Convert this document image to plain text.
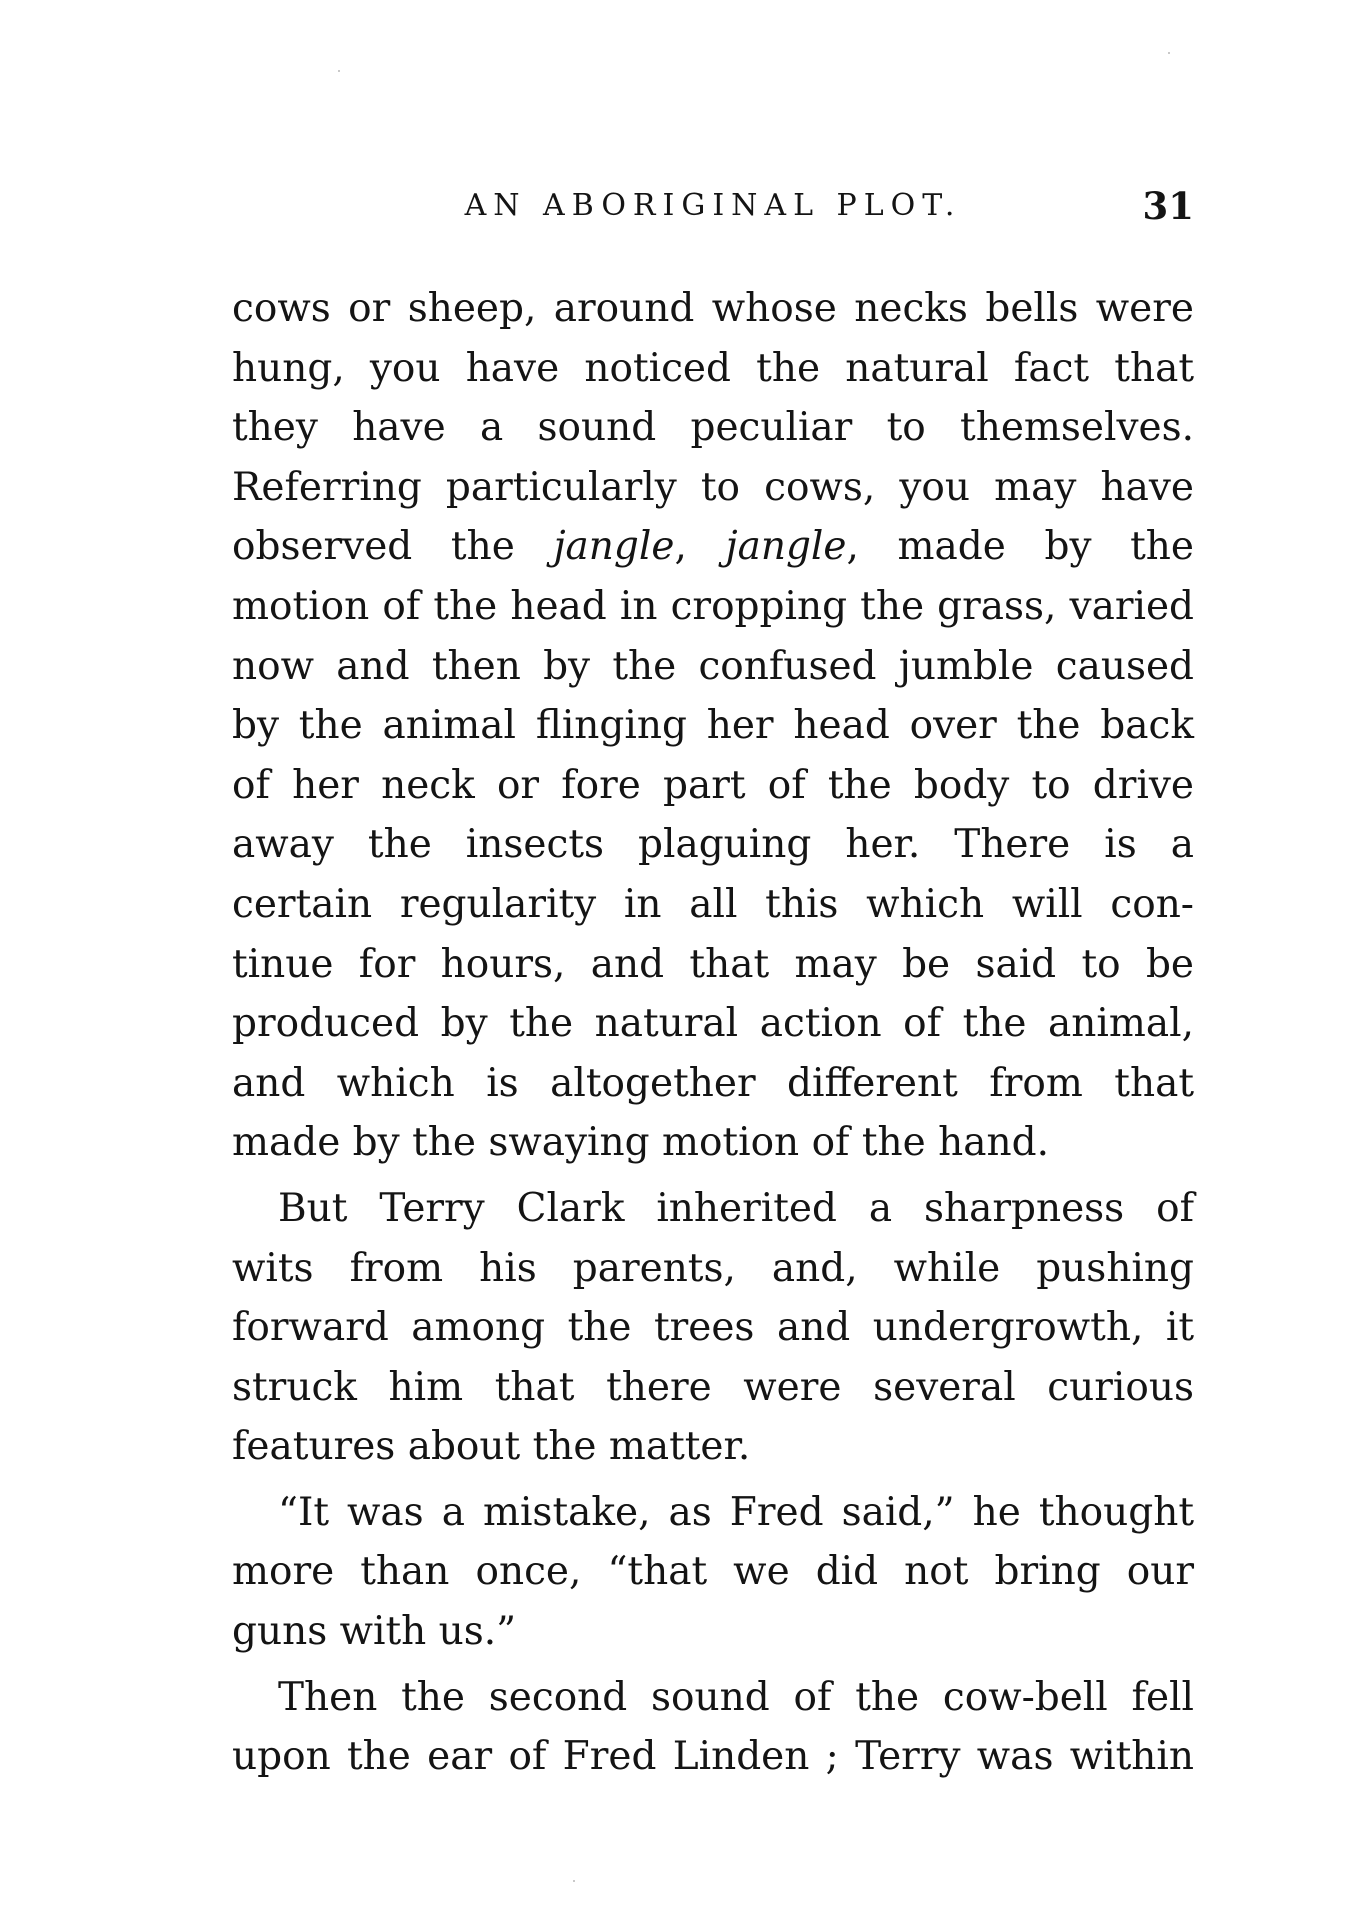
AN ABORIGINAL PLOT.	31
cows or sheep, around whose necks bells were
hung, you have noticed the natural fact that
they have a sound peculiar to themselves.
Referring particularly to cows, you may have
observed the jangle, jangle, made by the
motion of the head in cropping the grass, varied
now and then by the confused jumble caused
by the animal flinging her head over the back
of her neck or fore part of the body to drive
away the insects plaguing her. There is a
certain regularity in all this which will con-
tinue for hours, and that may be said to be
produced by the natural action of the animal,
and which is altogether different from that
made by the swaying motion of the hand.
But Terry Clark inherited a sharpness of
wits from his parents, and, while pushing
forward among the trees and undergrowth, it
struck him that there were several curious
features about the matter.
“It was a mistake, as Fred said,” he thought
more than once, “that we did not bring our
guns with us.”
Then the second sound of the cow-bell fell
upon the ear of Fred Linden ; Terry was within
